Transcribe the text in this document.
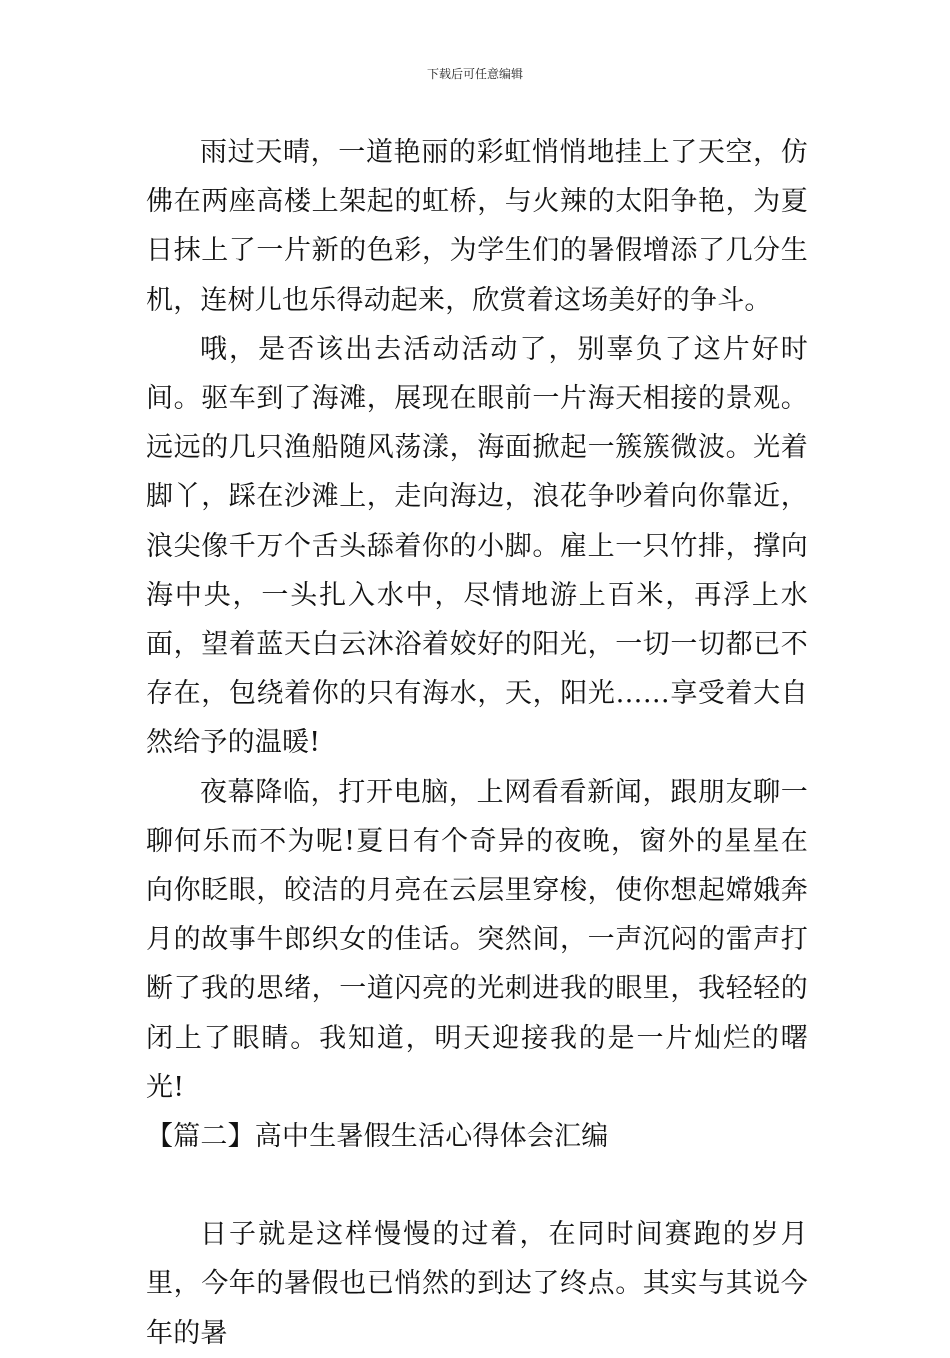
下载后可任意编辑

雨过天晴，一道艳丽的彩虹悄悄地挂上了天空，仿佛在两座高楼上架起的虹桥，与火辣的太阳争艳，为夏日抹上了一片新的色彩，为学生们的暑假增添了几分生机，连树儿也乐得动起来，欣赏着这场美好的争斗。

哦，是否该出去活动活动了，别辜负了这片好时间。驱车到了海滩，展现在眼前一片海天相接的景观。远远的几只渔船随风荡漾，海面掀起一簇簇微波。光着脚丫，踩在沙滩上，走向海边，浪花争吵着向你靠近，浪尖像千万个舌头舔着你的小脚。雇上一只竹排，撑向海中央，一头扎入水中，尽情地游上百米，再浮上水面，望着蓝天白云沐浴着姣好的阳光，一切一切都已不存在，包绕着你的只有海水，天，阳光……享受着大自然给予的温暖!

夜幕降临，打开电脑，上网看看新闻，跟朋友聊一聊何乐而不为呢!夏日有个奇异的夜晚，窗外的星星在向你眨眼，皎洁的月亮在云层里穿梭，使你想起嫦娥奔月的故事牛郎织女的佳话。突然间，一声沉闷的雷声打断了我的思绪，一道闪亮的光刺进我的眼里，我轻轻的闭上了眼睛。我知道，明天迎接我的是一片灿烂的曙光!

【篇二】高中生暑假生活心得体会汇编

日子就是这样慢慢的过着，在同时间赛跑的岁月里，今年的暑假也已悄然的到达了终点。其实与其说今年的暑
